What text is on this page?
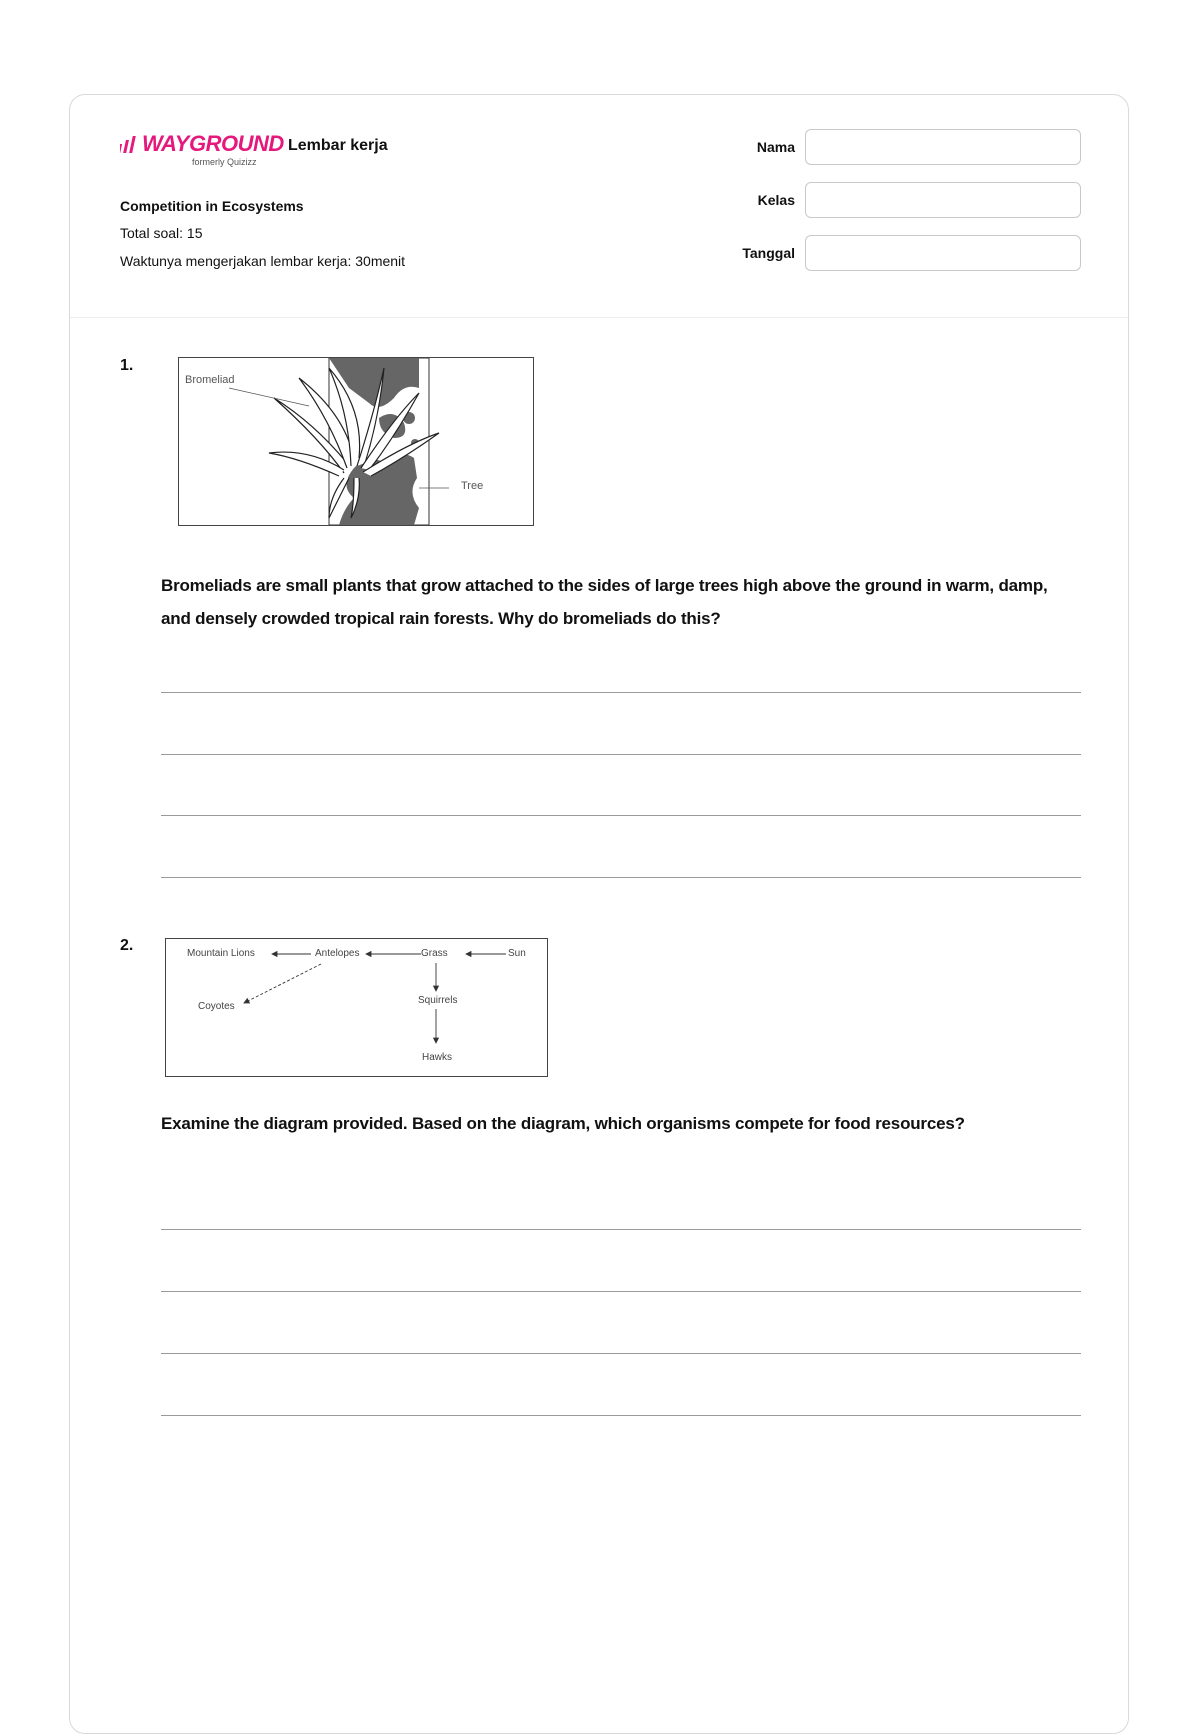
WAYGROUND
formerly Quizizz
Lembar kerja
Competition in Ecosystems
Total soal: 15
Waktunya mengerjakan lembar kerja: 30menit
Nama
Kelas
Tanggal
1.
Bromeliad
Tree
Bromeliads are small plants that grow attached to the sides of large trees high above the ground in warm, damp, and densely crowded tropical rain forests. Why do bromeliads do this?
2.	Mountain Lions	Antelopes	Grass	Sun
Coyotes
Squirrels
Hawks
Examine the diagram provided. Based on the diagram, which organisms compete for food resources?
